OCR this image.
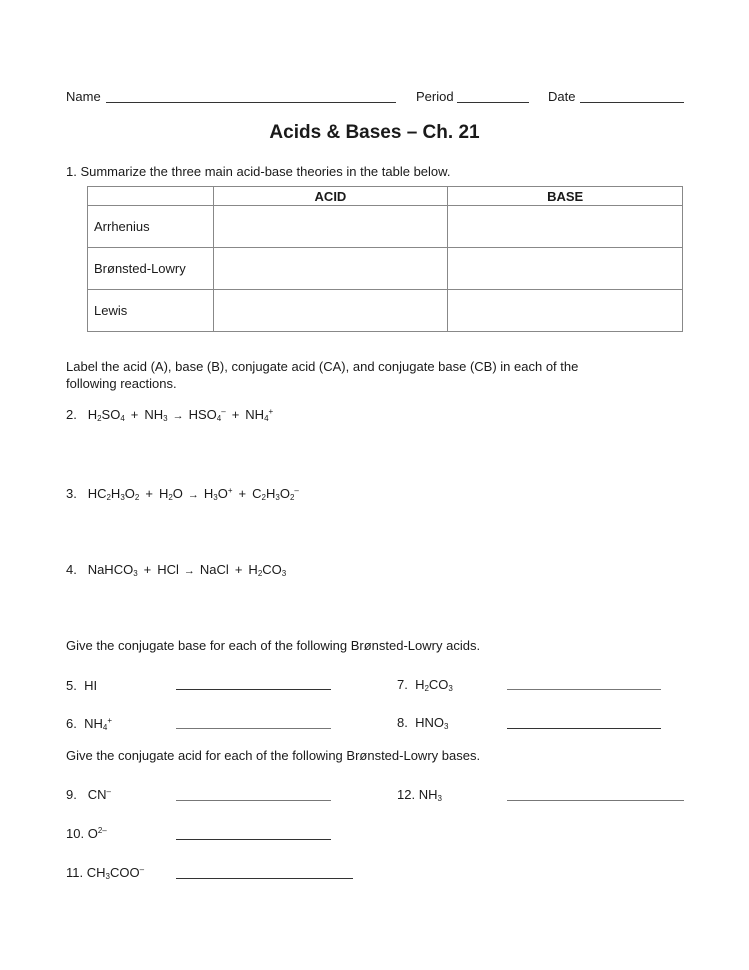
Name	Period	Date
Acids & Bases – Ch. 21
1. Summarize the three main acid-base theories in the table below.
	ACID	BASE
Arrhenius		
Brønsted-Lowry		
Lewis		
Label the acid (A), base (B), conjugate acid (CA), and conjugate base (CB) in each of the
following reactions.
2. $H_2SO_4 + NH_3 \to HSO_4^- + NH_4^+$
3. $HC_2H_3O_2 + H_2O \to H_3O^+ + C_2H_3O_2^-$
4. NaHCO$_3$ + HCl → NaCl + $H_2CO_3$
Give the conjugate base for each of the following Brønsted-Lowry acids.
5. HI	7. $H_2CO_3$
6. $NH_4^+$	8. $HNO_3$
Give the conjugate acid for each of the following Brønsted-Lowry bases.
9. CN–	12. $NH_3$
10. $O^{2-}$
11. $CH_3COO^-$
